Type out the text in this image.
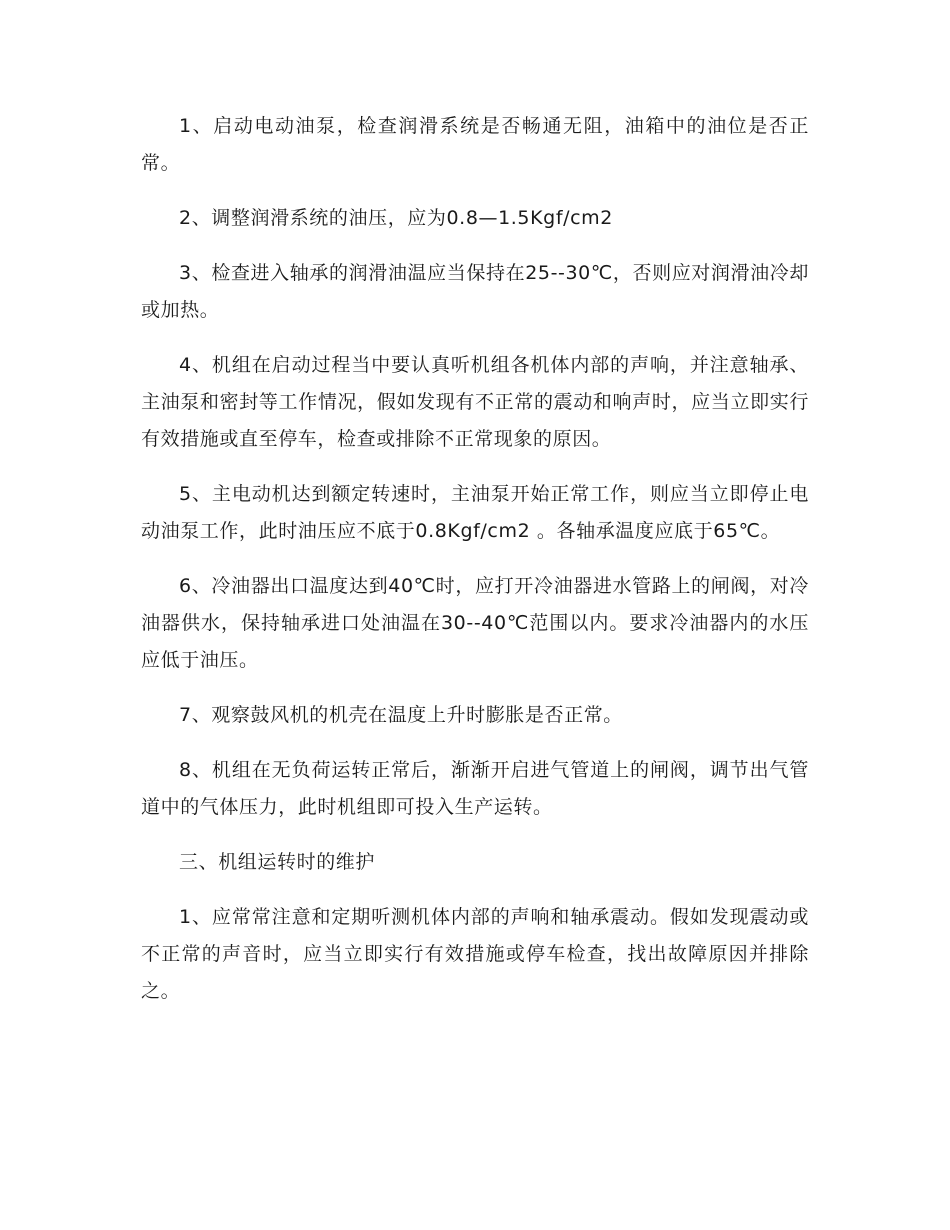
1、启动电动油泵，检查润滑系统是否畅通无阻，油箱中的油位是否正常。

2、调整润滑系统的油压，应为0.8—1.5Kgf/cm2

3、检查进入轴承的润滑油温应当保持在25--30℃，否则应对润滑油冷却或加热。

4、机组在启动过程当中要认真听机组各机体内部的声响，并注意轴承、主油泵和密封等工作情况，假如发现有不正常的震动和响声时，应当立即实行有效措施或直至停车，检查或排除不正常现象的原因。

5、主电动机达到额定转速时，主油泵开始正常工作，则应当立即停止电动油泵工作，此时油压应不底于0.8Kgf/cm2 。各轴承温度应底于65℃。

6、冷油器出口温度达到40℃时，应打开冷油器进水管路上的闸阀，对冷油器供水，保持轴承进口处油温在30--40℃范围以内。要求冷油器内的水压应低于油压。

7、观察鼓风机的机壳在温度上升时膨胀是否正常。

8、机组在无负荷运转正常后，渐渐开启进气管道上的闸阀，调节出气管道中的气体压力，此时机组即可投入生产运转。

三、机组运转时的维护

1、应常常注意和定期听测机体内部的声响和轴承震动。假如发现震动或不正常的声音时，应当立即实行有效措施或停车检查，找出故障原因并排除之。
